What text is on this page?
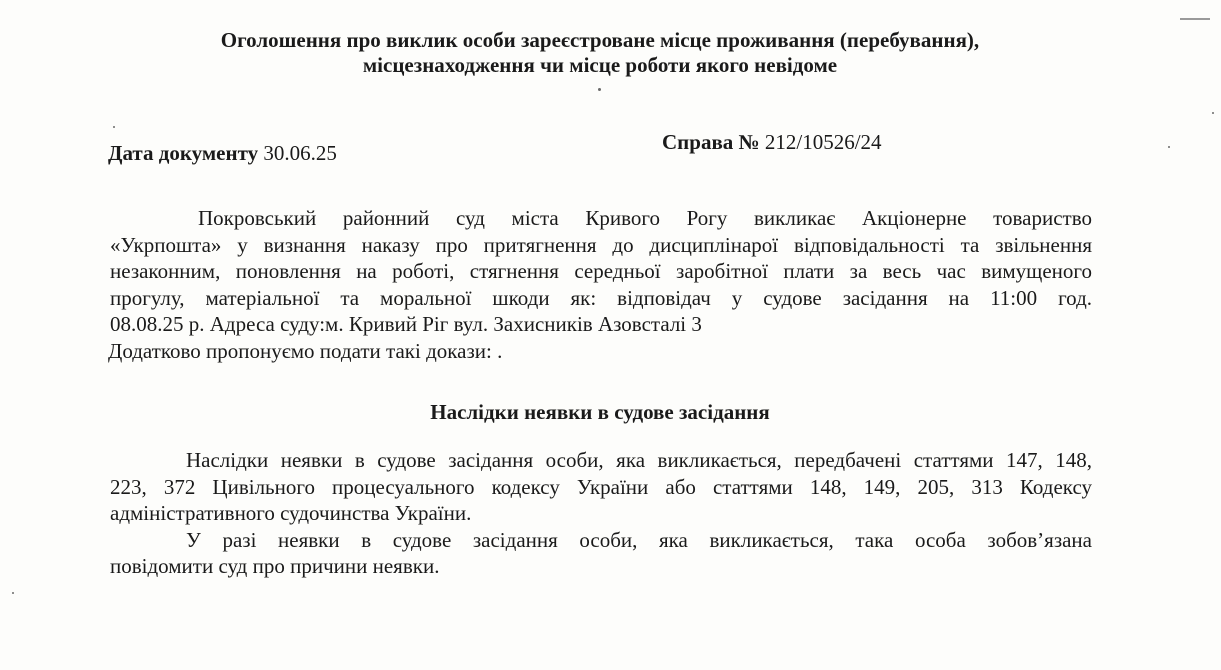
Оголошення про виклик особи зареєстроване місце проживання (перебування),
місцезнаходження чи місце роботи якого невідоме
Дата документу 30.06.25	Справа № 212/10526/24
Покровський районний суд міста Кривого Рогу викликає Акціонерне товариство
«Укрпошта» у визнання наказу про притягнення до дисциплінарої відповідальності та звільнення
незаконним, поновлення на роботі, стягнення середньої заробітної плати за весь час вимущеного
прогулу, матеріальної та моральної шкоди як: відповідач у судове засідання на 11:00 год.
08.08.25 р. Адреса суду:м. Кривий Ріг вул. Захисників Азовсталі 3
Додатково пропонуємо подати такі докази: .
Наслідки неявки в судове засідання
Наслідки неявки в судове засідання особи, яка викликається, передбачені статтями 147, 148,
223, 372 Цивільного процесуального кодексу України або статтями 148, 149, 205, 313 Кодексу
адміністративного судочинства України.
У разі неявки в судове засідання особи, яка викликається, така особа зобов’язана
повідомити суд про причини неявки.
